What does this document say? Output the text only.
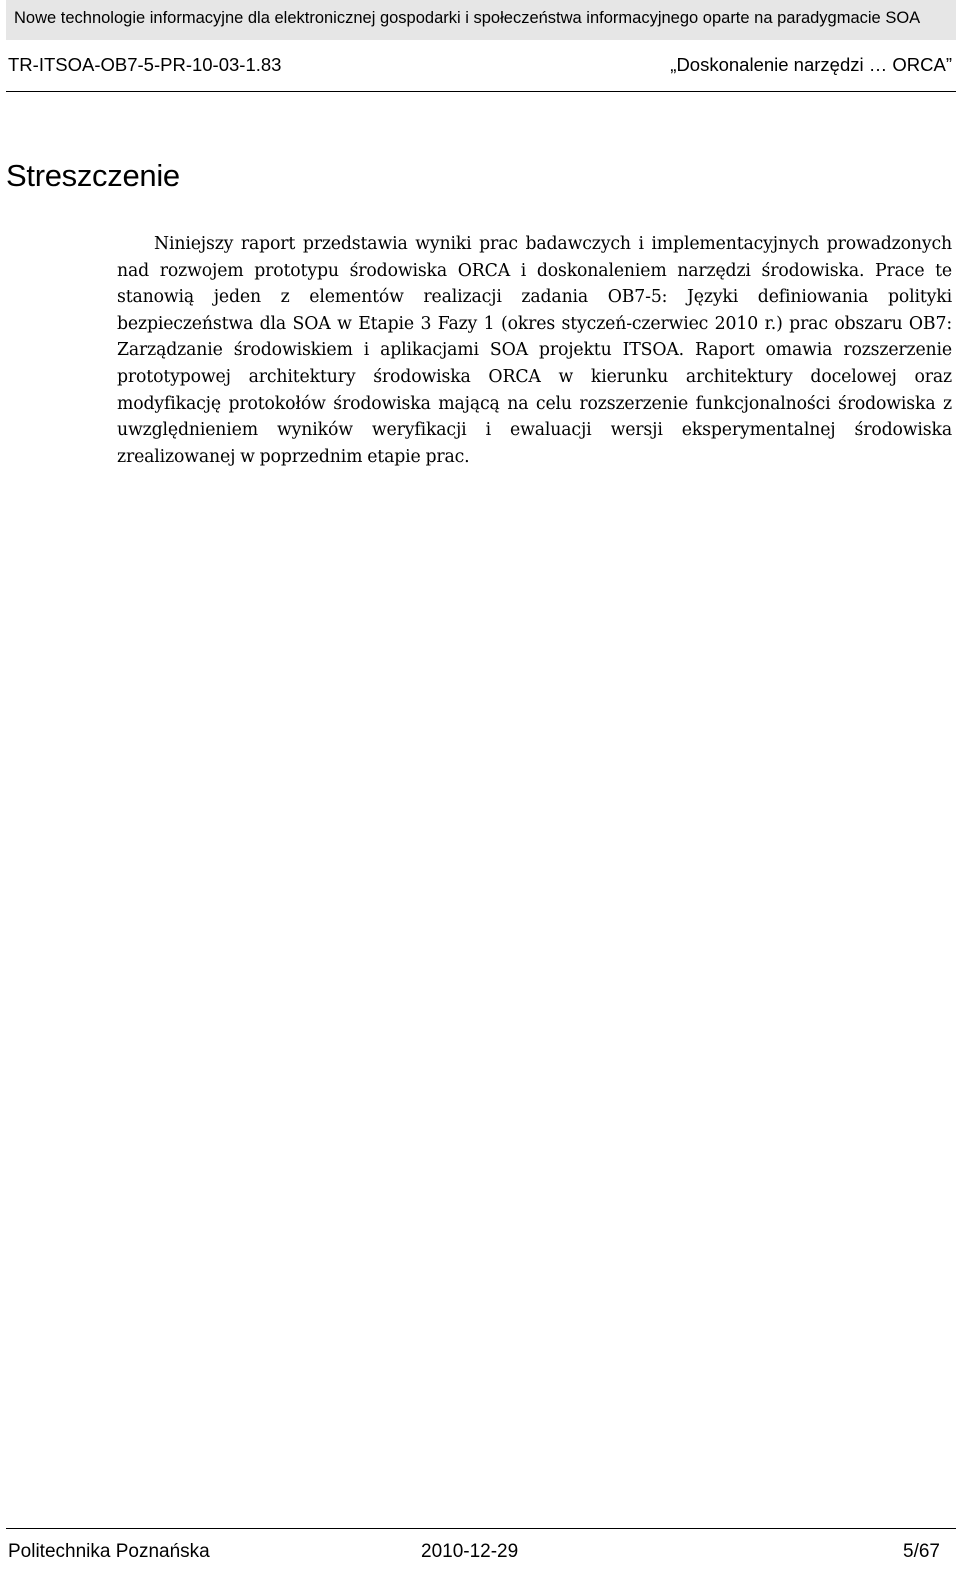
Nowe technologie informacyjne dla elektronicznej gospodarki i społeczeństwa informacyjnego oparte na paradygmacie SOA
TR-ITSOA-OB7-5-PR-10-03-1.83	„Doskonalenie narzędzi … ORCA”
Streszczenie

Niniejszy raport przedstawia wyniki prac badawczych i implementacyjnych prowadzonych nad rozwojem prototypu środowiska ORCA i doskonaleniem narzędzi środowiska. Prace te stanowią jeden z elementów realizacji zadania OB7-5: Języki definiowania polityki bezpieczeństwa dla SOA w Etapie 3 Fazy 1 (okres styczeń-czerwiec 2010 r.) prac obszaru OB7: Zarządzanie środowiskiem i aplikacjami SOA projektu ITSOA. Raport omawia rozszerzenie prototypowej architektury środowiska ORCA w kierunku architektury docelowej oraz modyfikację protokołów środowiska mającą na celu rozszerzenie funkcjonalności środowiska z uwzględnieniem wyników weryfikacji i ewaluacji wersji eksperymentalnej środowiska zrealizowanej w poprzednim etapie prac.

Politechnika Poznańska	2010-12-29	5/67
